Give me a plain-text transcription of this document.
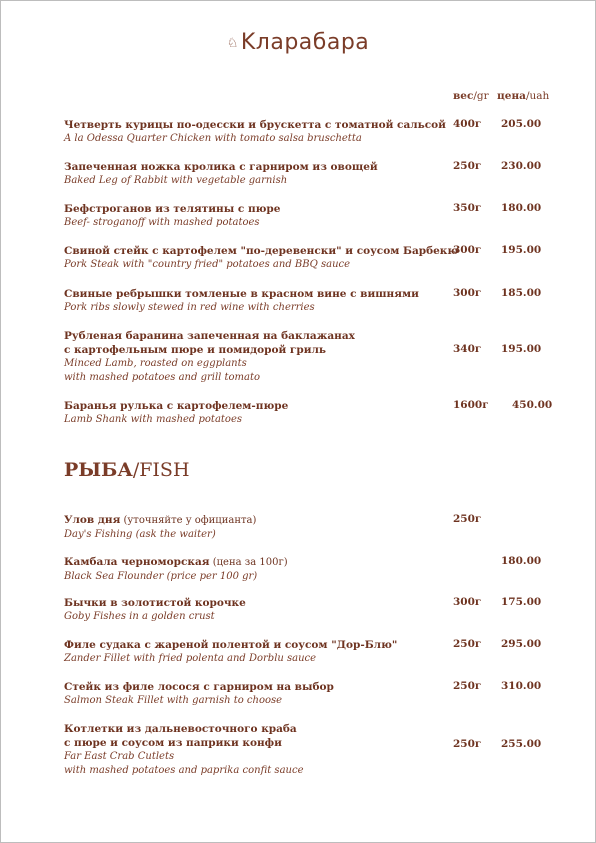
♘Kларабара
вес/gr цена/uah
Четверть курицы по-одесски и брускетта с томатной сальсой
A la Odessa Quarter Chicken with tomato salsa bruschetta
400г 205.00
Запеченная ножка кролика с гарниром из овощей
Baked Leg of Rabbit with vegetable garnish
250г 230.00
Бефстроганов из телятины с пюре
Beef- stroganoff with mashed potatoes
350г 180.00
Свиной стейк с картофелем "по-деревенски" и соусом Барбекю
Pork Steak with "country fried" potatoes and BBQ sauce
300г 195.00
Свиные ребрышки томленые в красном вине с вишнями
Pork ribs slowly stewed in red wine with cherries
300г 185.00
Рубленая баранина запеченная на баклажанах
с картофельным пюре и помидорой гриль
Minced Lamb, roasted on eggplants
with mashed potatoes and grill tomato
340г 195.00
Баранья рулька с картофелем-пюре
Lamb Shank with mashed potatoes
1600г 450.00
РЫБА/FISH
Улов дня (уточняйте у официанта)
Day's Fishing (ask the waiter)
250г
Камбала черноморская (цена за 100г)
Black Sea Flounder (price per 100 gr)
180.00
Бычки в золотистой корочке
Goby Fishes in a golden crust
300г 175.00
Филе судака с жареной полентой и соусом "Дор-Блю"
Zander Fillet with fried polenta and Dorblu sauce
250г 295.00
Стейк из филе лосося с гарниром на выбор
Salmon Steak Fillet with garnish to choose
250г 310.00
Котлетки из дальневосточного краба
с пюре и соусом из паприки конфи
Far East Crab Cutlets
with mashed potatoes and paprika confit sauce
250г 255.00
